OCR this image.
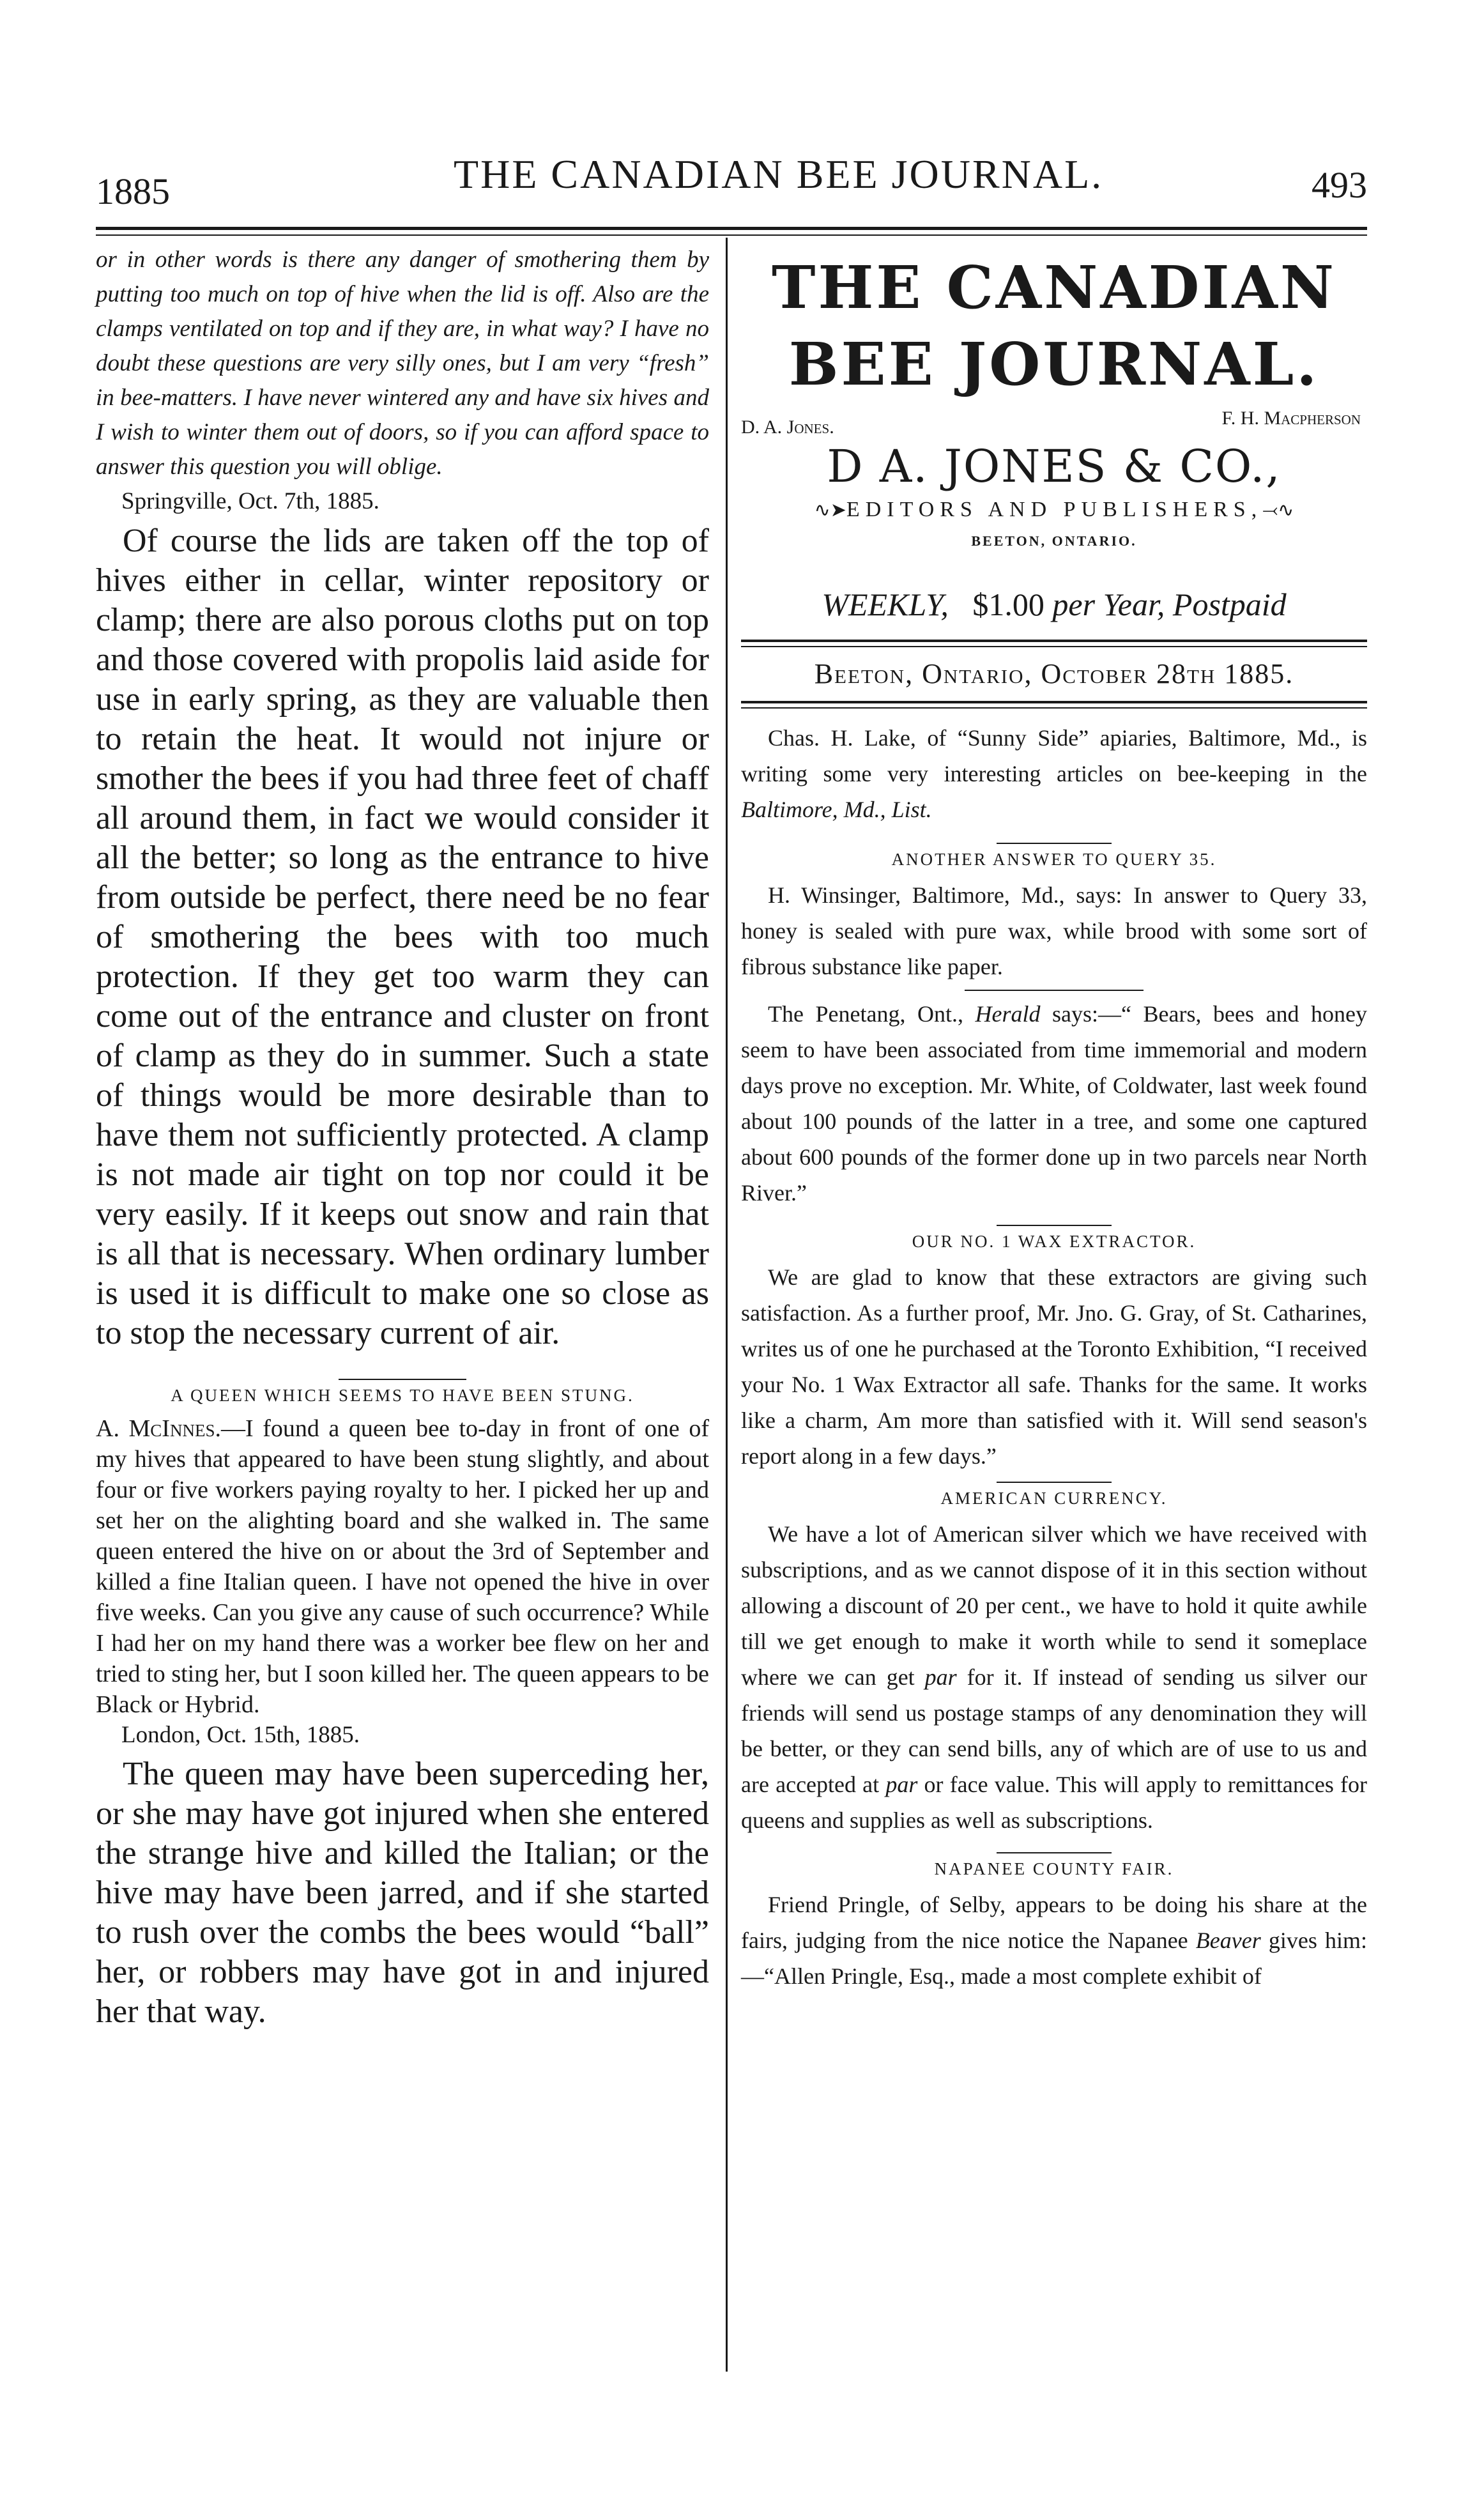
1885	THE CANADIAN BEE JOURNAL.	493

or in other words is there any danger of smothering them by putting too much on top of hive when the lid is off. Also are the clamps ventilated on top and if they are, in what way? I have no doubt these questions are very silly ones, but I am very “fresh” in bee-matters. I have never wintered any and have six hives and I wish to winter them out of doors, so if you can afford space to answer this question you will oblige.

Springville, Oct. 7th, 1885.

Of course the lids are taken off the top of hives either in cellar, winter repository or clamp; there are also porous cloths put on top and those covered with propolis laid aside for use in early spring, as they are valuable then to retain the heat. It would not injure or smother the bees if you had three feet of chaff all around them, in fact we would consider it all the better; so long as the entrance to hive from outside be perfect, there need be no fear of smothering the bees with too much protection. If they get too warm they can come out of the entrance and cluster on front of clamp as they do in summer. Such a state of things would be more desirable than to have them not sufficiently protected. A clamp is not made air tight on top nor could it be very easily. If it keeps out snow and rain that is all that is necessary. When ordinary lumber is used it is difficult to make one so close as to stop the necessary current of air.

A QUEEN WHICH SEEMS TO HAVE BEEN STUNG.

A. McInnes.—I found a queen bee to-day in front of one of my hives that appeared to have been stung slightly, and about four or five workers paying royalty to her. I picked her up and set her on the alighting board and she walked in. The same queen entered the hive on or about the 3rd of September and killed a fine Italian queen. I have not opened the hive in over five weeks. Can you give any cause of such occurrence? While I had her on my hand there was a worker bee flew on her and tried to sting her, but I soon killed her. The queen appears to be Black or Hybrid.

London, Oct. 15th, 1885.

The queen may have been superceding her, or she may have got injured when she entered the strange hive and killed the Italian; or the hive may have been jarred, and if she started to rush over the combs the bees would “ball” her, or robbers may have got in and injured her that way.

THE CANADIAN BEE JOURNAL.
D. A. Jones.	F. H. Macpherson
D A. JONES & CO.,
∿➤EDITORS AND PUBLISHERS,⤙∿
BEETON, ONTARIO.
WEEKLY, $1.00 per Year, Postpaid
Beeton, Ontario, October 28th 1885.

Chas. H. Lake, of “Sunny Side” apiaries, Baltimore, Md., is writing some very interesting articles on bee-keeping in the Baltimore, Md., List.

ANOTHER ANSWER TO QUERY 35.

H. Winsinger, Baltimore, Md., says: In answer to Query 33, honey is sealed with pure wax, while brood with some sort of fibrous substance like paper.

The Penetang, Ont., Herald says:—“ Bears, bees and honey seem to have been associated from time immemorial and modern days prove no exception. Mr. White, of Coldwater, last week found about 100 pounds of the latter in a tree, and some one captured about 600 pounds of the former done up in two parcels near North River.”

OUR NO. 1 WAX EXTRACTOR.

We are glad to know that these extractors are giving such satisfaction. As a further proof, Mr. Jno. G. Gray, of St. Catharines, writes us of one he purchased at the Toronto Exhibition, “I received your No. 1 Wax Extractor all safe. Thanks for the same. It works like a charm, Am more than satisfied with it. Will send season's report along in a few days.”

AMERICAN CURRENCY.

We have a lot of American silver which we have received with subscriptions, and as we cannot dispose of it in this section without allowing a discount of 20 per cent., we have to hold it quite awhile till we get enough to make it worth while to send it someplace where we can get par for it. If instead of sending us silver our friends will send us postage stamps of any denomination they will be better, or they can send bills, any of which are of use to us and are accepted at par or face value. This will apply to remittances for queens and supplies as well as subscriptions.

NAPANEE COUNTY FAIR.

Friend Pringle, of Selby, appears to be doing his share at the fairs, judging from the nice notice the Napanee Beaver gives him:—“Allen Pringle, Esq., made a most complete exhibit of
